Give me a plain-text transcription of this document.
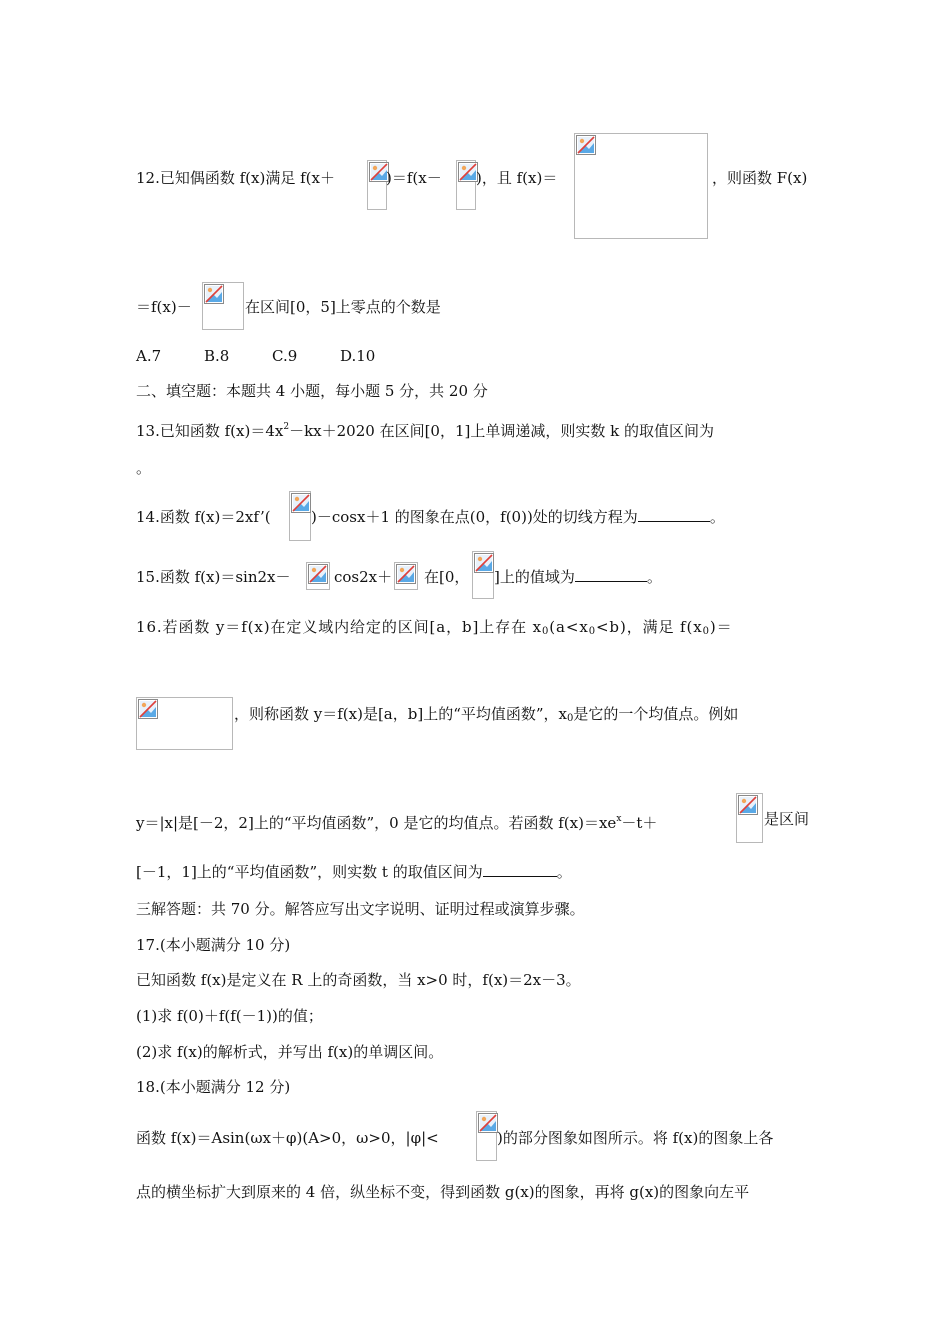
12.已知偶函数 f(x)满足 f(x＋	)＝f(x－ )，且 f(x)＝	，则函数 F(x)
＝f(x)－	在区间[0，5]上零点的个数是
A.7	B.8	C.9	D.10
二、填空题：本题共 4 小题，每小题 5 分，共 20 分
13.已知函数 $f(x)=4x^2-kx+2020$ 在区间[0，1]上单调递减，则实数 k 的取值区间为
。
14.函数 f(x)＝2xf’(	)－cosx＋1 的图象在点(0，f(0))处的切线方程为	。
15.函数 f(x)＝sin2x－	cos2x＋ 在[0， ]上的值域为	。
16.若函数 y＝f(x)在定义域内给定的区间[a，b]上存在 $x_0(a<x_0<b)$，满足 $f(x_0)=$
，则称函数 y＝f(x)是[a，b]上的“平均值函数”，$x_0$是它的一个均值点。例如
y＝|x|是[－2，2]上的“平均值函数”，0 是它的均值点。若函数 $f(x)=xe^x-t+$	是区间
[－1，1]上的“平均值函数”，则实数 t 的取值区间为	。
三解答题：共 70 分。解答应写出文字说明、证明过程或演算步骤。
17.(本小题满分 10 分)
已知函数 f(x)是定义在 R 上的奇函数，当 x>0 时，f(x)＝2x－3。
(1)求 f(0)＋f(f(－1))的值；
(2)求 f(x)的解析式，并写出 f(x)的单调区间。
18.(本小题满分 12 分)
函数 f(x)＝Asin(ωx＋φ)(A>0，ω>0，|φ|<	)的部分图象如图所示。将 f(x)的图象上各
点的横坐标扩大到原来的 4 倍，纵坐标不变，得到函数 g(x)的图象，再将 g(x)的图象向左平
